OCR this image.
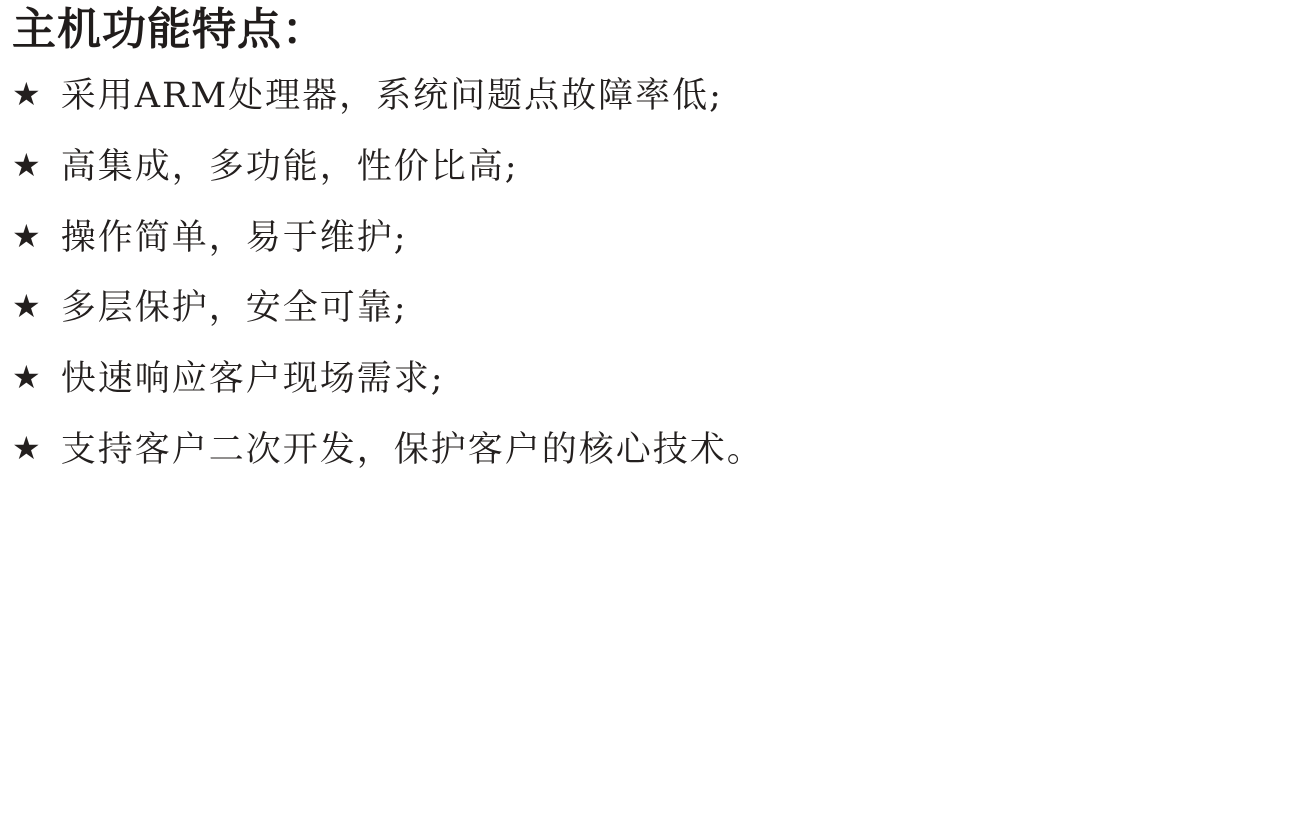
主机功能特点：
★ 采用ARM处理器，系统问题点故障率低;
★ 高集成，多功能，性价比高;
★ 操作简单，易于维护;
★ 多层保护，安全可靠;
★ 快速响应客户现场需求;
★ 支持客户二次开发，保护客户的核心技术。
